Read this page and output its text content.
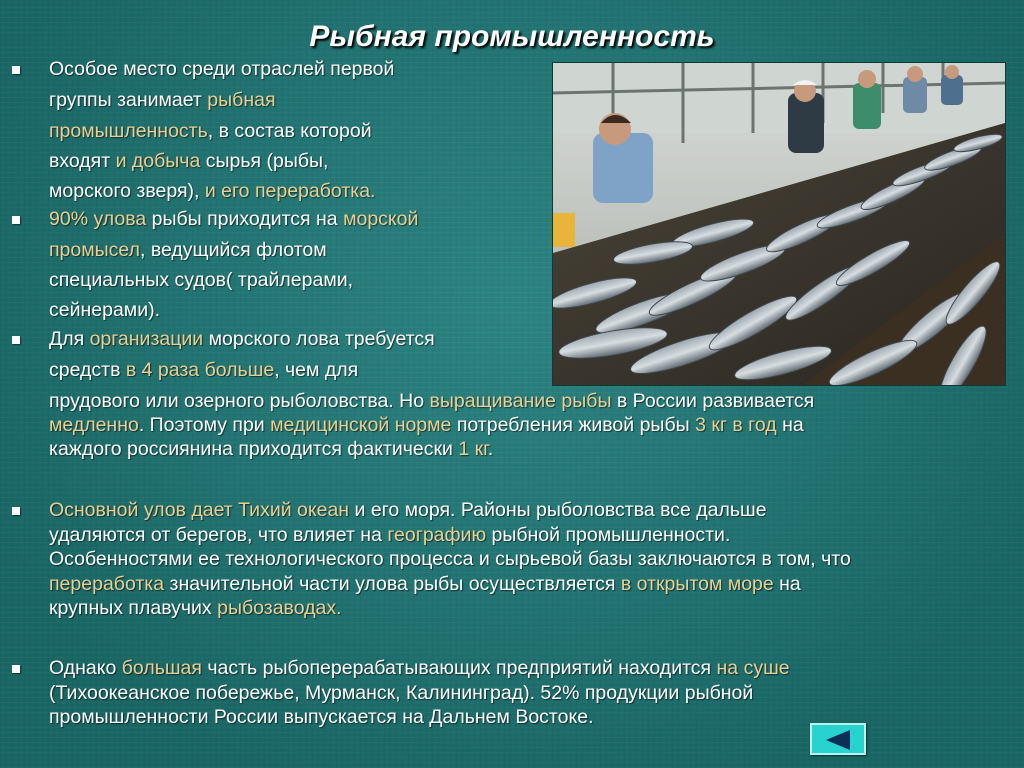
Рыбная промышленность
Особое место среди отраслей первой
группы занимает рыбная
промышленность, в состав которой
входят и добыча сырья (рыбы,
морского зверя), и его переработка.
90% улова рыбы приходится на морской
промысел, ведущийся флотом
специальных судов( трайлерами,
сейнерами).
Для организации морского лова требуется
средств в 4 раза больше, чем для
прудового или озерного рыболовства. Но выращивание рыбы в России развивается
медленно. Поэтому при медицинской норме потребления живой рыбы 3 кг в год на
каждого россиянина приходится фактически 1 кг.
Основной улов дает Тихий океан и его моря. Районы рыболовства все дальше
удаляются от берегов, что влияет на географию рыбной промышленности.
Особенностями ее технологического процесса и сырьевой базы заключаются в том, что
переработка значительной части улова рыбы осуществляется в открытом море на
крупных плавучих рыбозаводах.
Однако большая часть рыбоперерабатывающих предприятий находится на суше
(Тихоокеанское побережье, Мурманск, Калининград). 52% продукции рыбной
промышленности России выпускается на Дальнем Востоке.
